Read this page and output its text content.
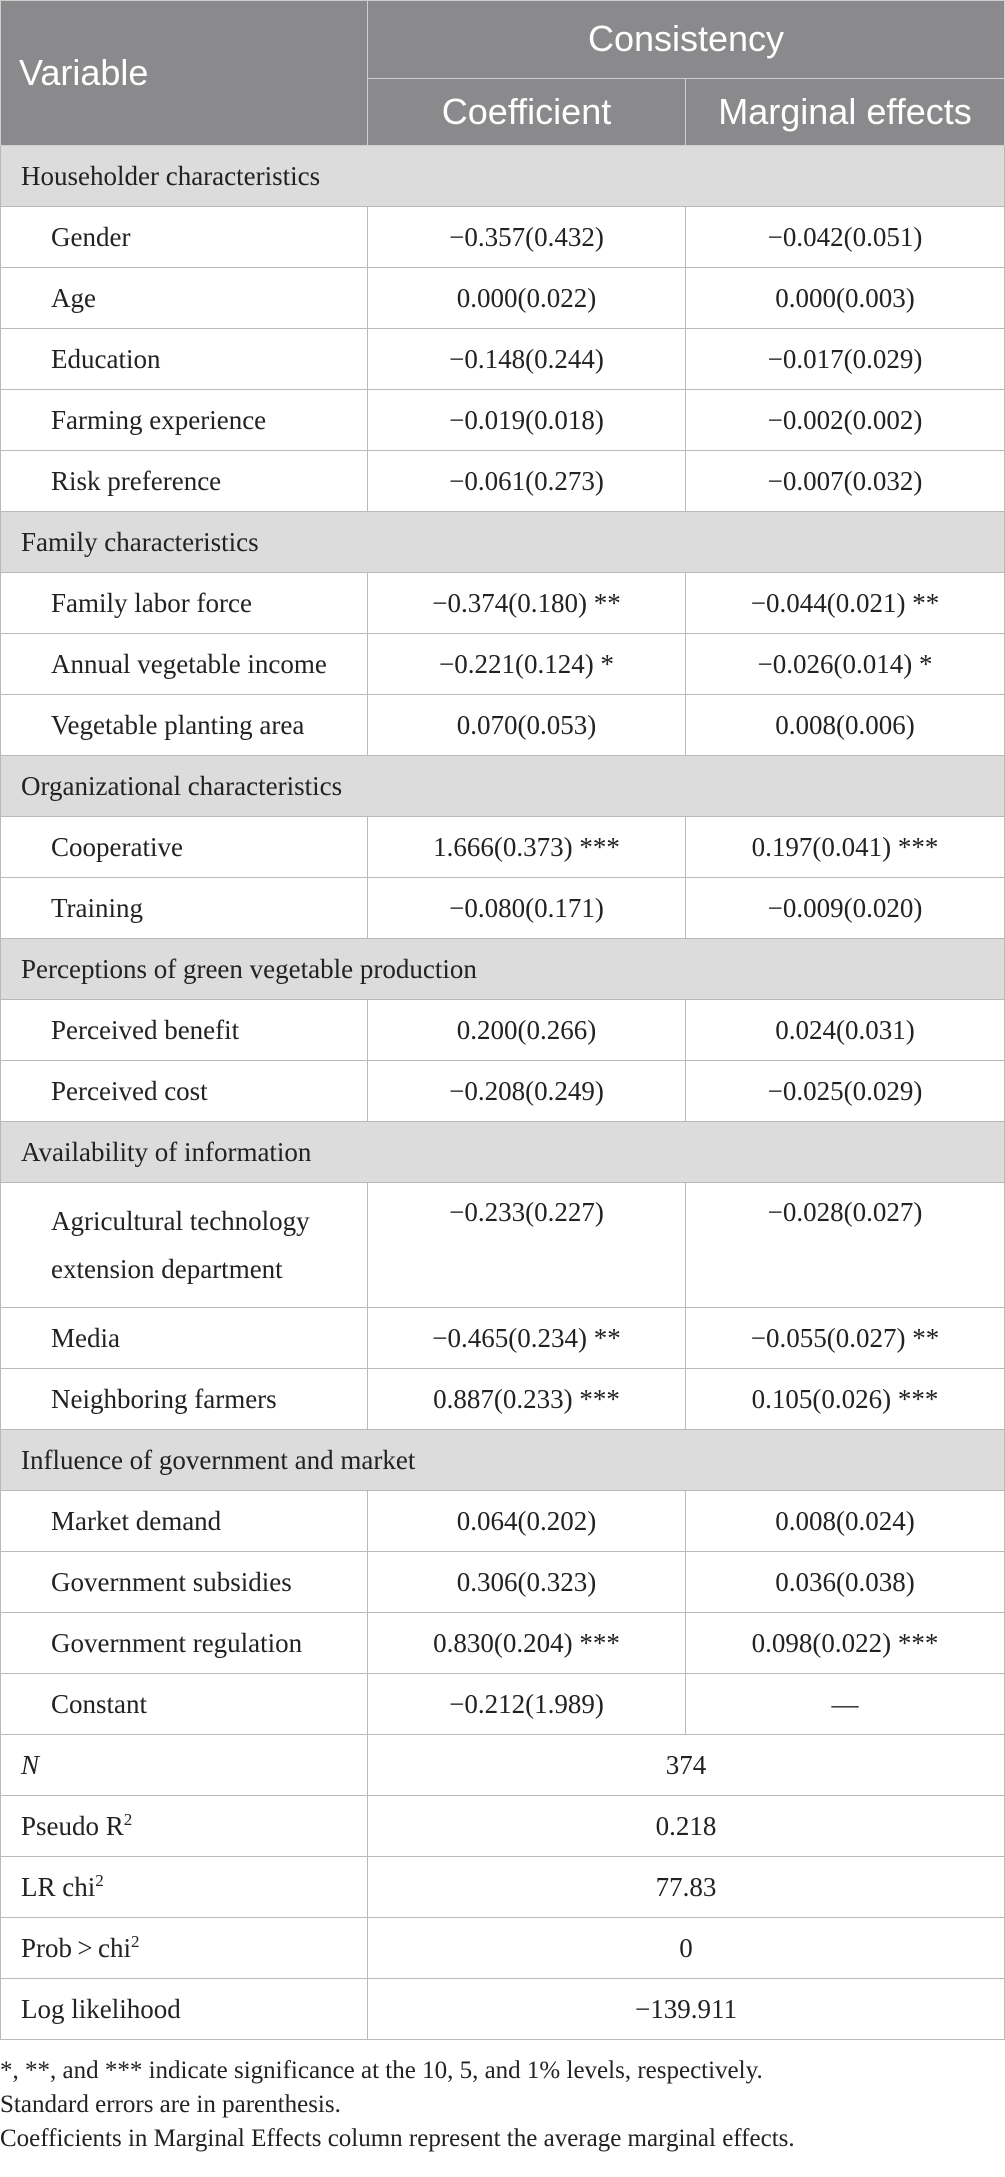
Variable	Consistency	
	Coefficient	Marginal effects
Householder characteristics		
Gender	−0.357(0.432)	−0.042(0.051)
Age	0.000(0.022)	0.000(0.003)
Education	−0.148(0.244)	−0.017(0.029)
Farming experience	−0.019(0.018)	−0.002(0.002)
Risk preference	−0.061(0.273)	−0.007(0.032)
Family characteristics		
Family labor force	−0.374(0.180) **	−0.044(0.021) **
Annual vegetable income	−0.221(0.124) *	−0.026(0.014) *
Vegetable planting area	0.070(0.053)	0.008(0.006)
Organizational characteristics		
Cooperative	1.666(0.373) ***	0.197(0.041) ***
Training	−0.080(0.171)	−0.009(0.020)
Perceptions of green vegetable production		
Perceived benefit	0.200(0.266)	0.024(0.031)
Perceived cost	−0.208(0.249)	−0.025(0.029)
Availability of information		
Agricultural technology extension department	−0.233(0.227)	−0.028(0.027)
Media	−0.465(0.234) **	−0.055(0.027) **
Neighboring farmers	0.887(0.233) ***	0.105(0.026) ***
Influence of government and market		
Market demand	0.064(0.202)	0.008(0.024)
Government subsidies	0.306(0.323)	0.036(0.038)
Government regulation	0.830(0.204) ***	0.098(0.022) ***
Constant	−0.212(1.989)	—
N	374	
Pseudo $R^2$	0.218	
LR chi$^2$	77.83	
Prob > chi$^2$	0	
Log likelihood	−139.911	
*, **, and *** indicate significance at the 10, 5, and 1% levels, respectively.
Standard errors are in parenthesis.
Coefficients in Marginal Effects column represent the average marginal effects.
